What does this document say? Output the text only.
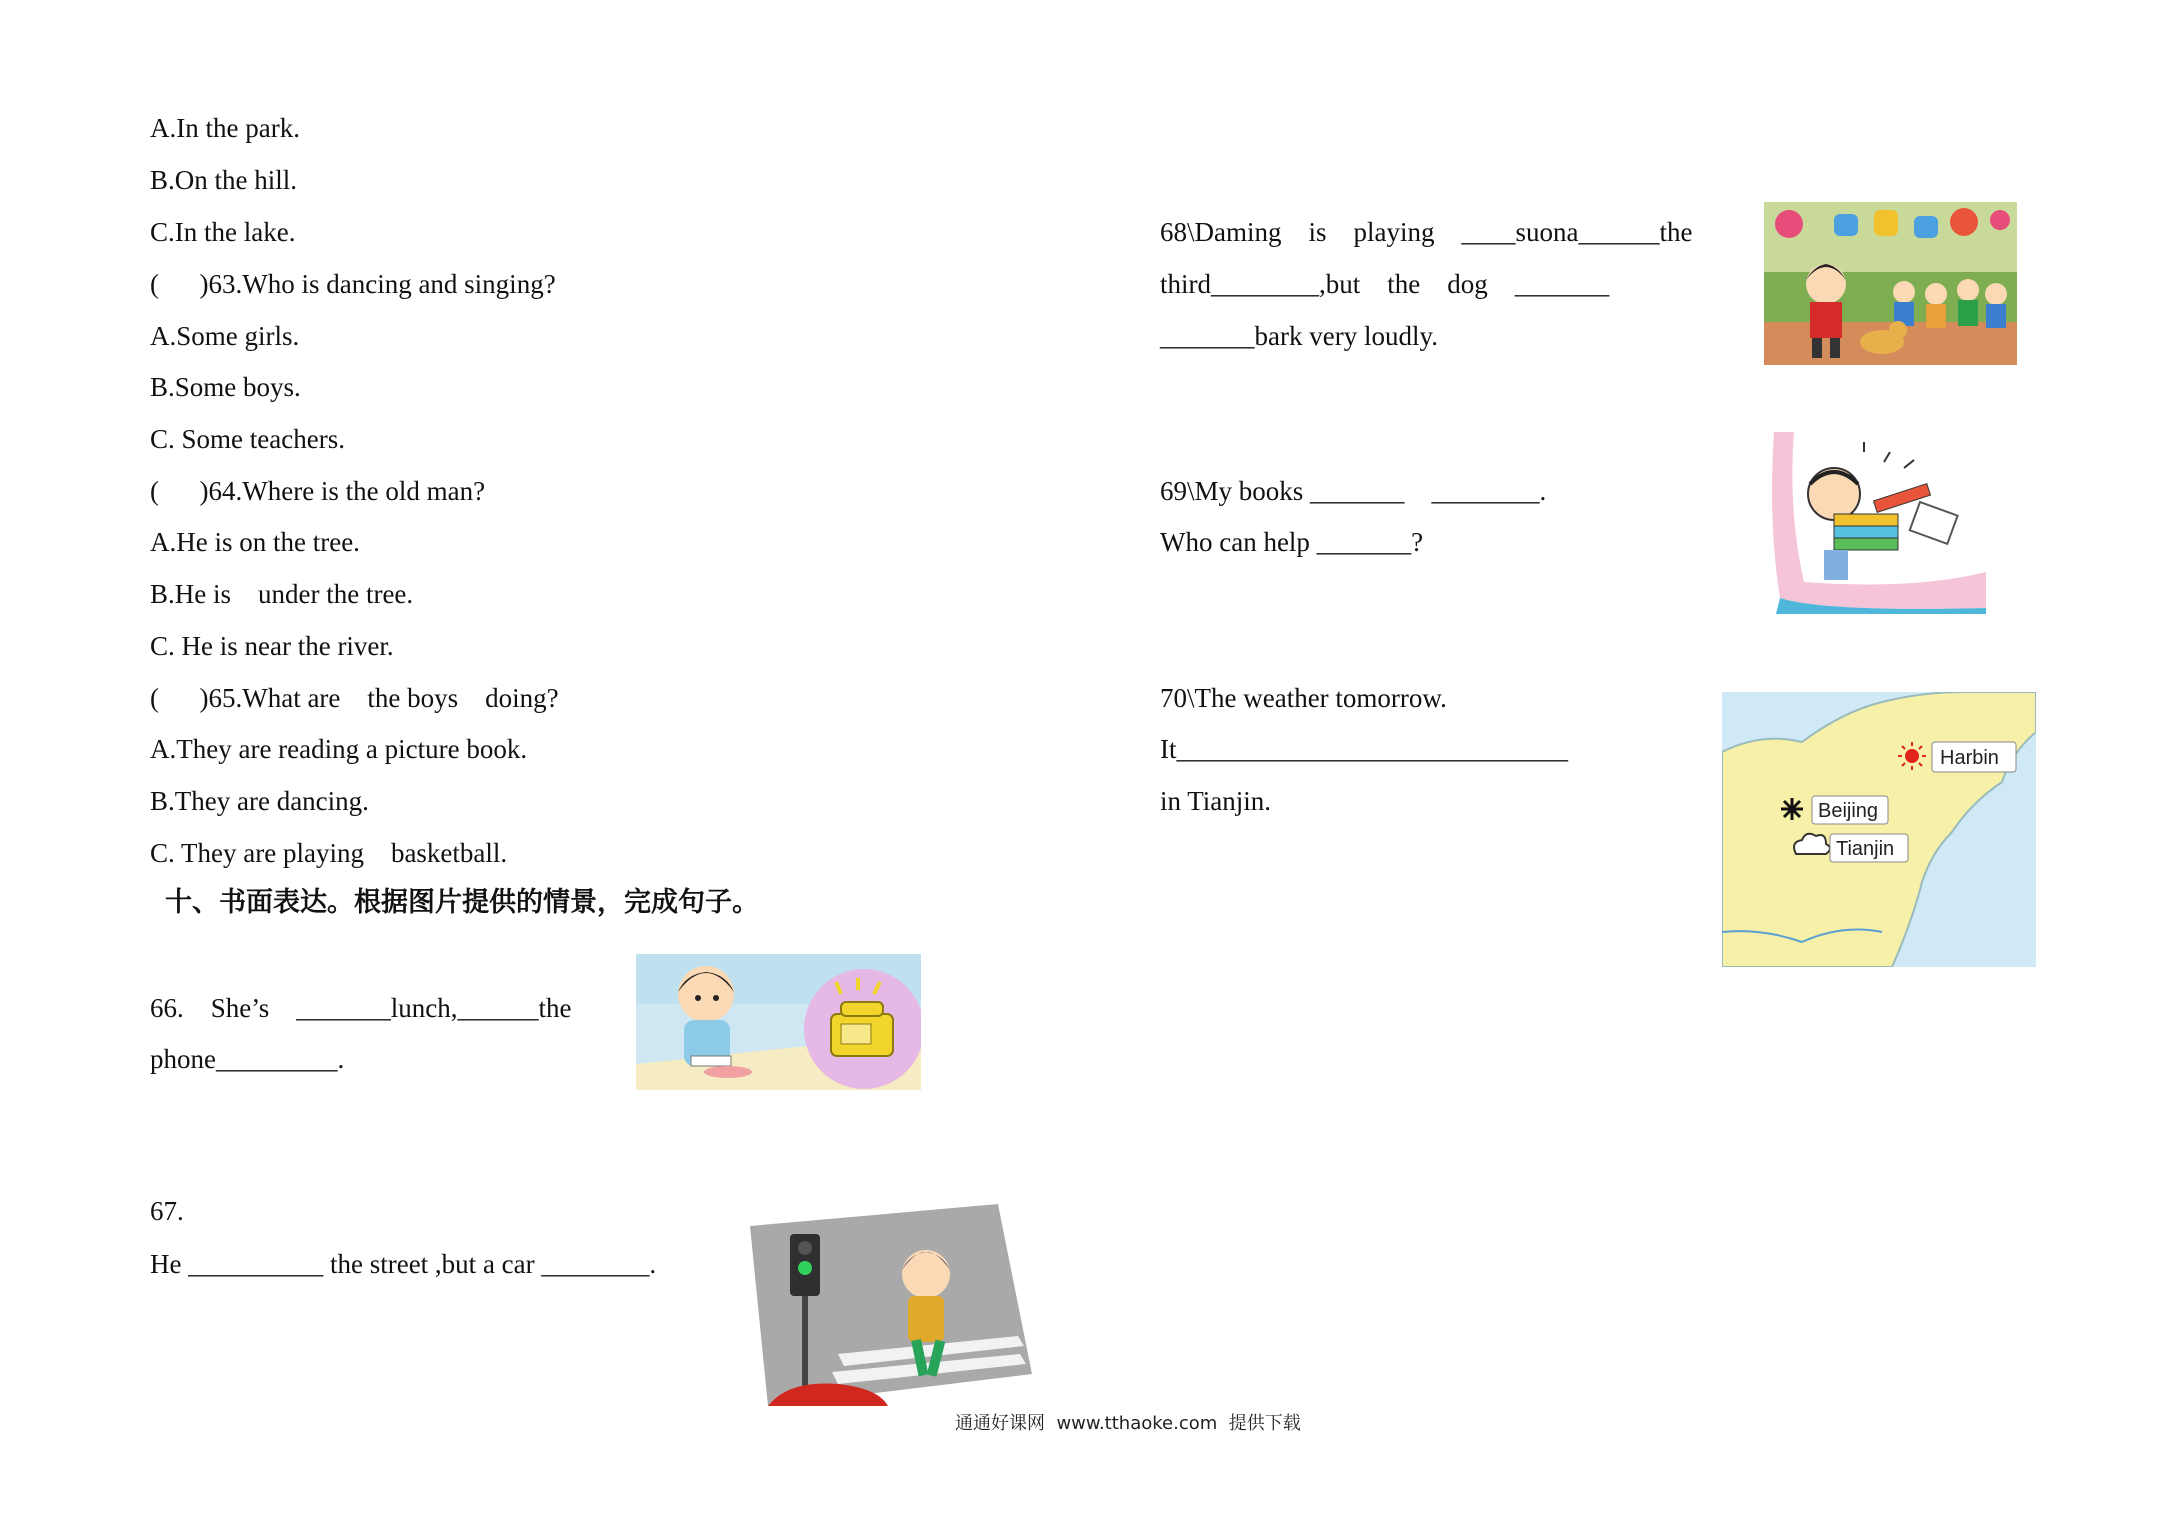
A.In the park.
B.On the hill.
C.In the lake.
(      )63.Who is dancing and singing?
A.Some girls.
B.Some boys.
C. Some teachers.
(      )64.Where is the old man?
A.He is on the tree.
B.He is    under the tree.
C. He is near the river.
(      )65.What are    the boys    doing?
A.They are reading a picture book.
B.They are dancing.
C. They are playing    basketball.
十、书面表达。根据图片提供的情景，完成句子。
66.    She’s    _______lunch,______the
phone_________.
67.
He __________ the street ,but a car ________.
68\Daming    is    playing    ____suona______the
third________,but    the    dog    _______
_______bark very loudly.
69\My books _______    ________.
Who can help _______?
70\The weather tomorrow.
It_____________________________
in Tianjin.
Harbin
Beijing
Tianjin
通通好课网  www.tthaoke.com  提供下载
